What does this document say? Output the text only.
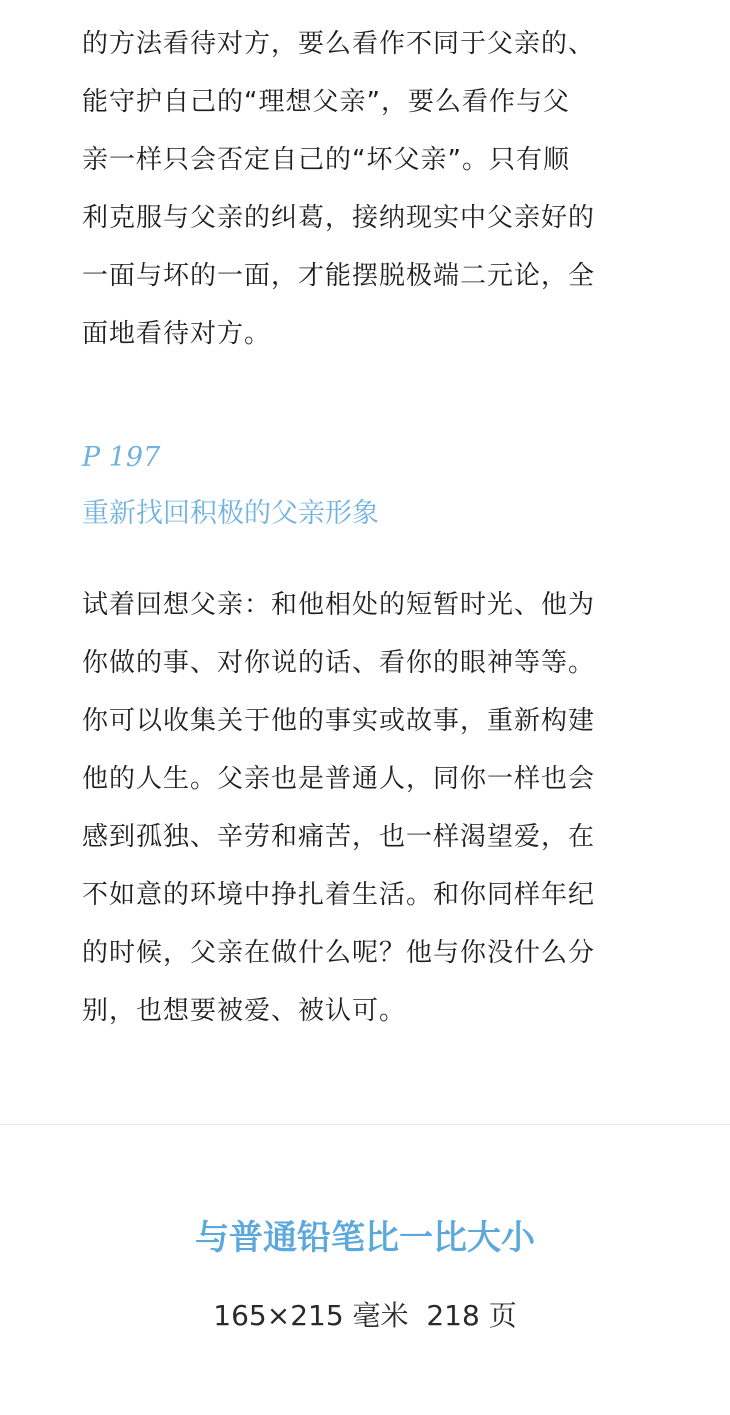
的方法看待对方，要么看作不同于父亲的、
能守护自己的“理想父亲”，要么看作与父
亲一样只会否定自己的“坏父亲”。只有顺
利克服与父亲的纠葛，接纳现实中父亲好的
一面与坏的一面，才能摆脱极端二元论，全
面地看待对方。
P 197
重新找回积极的父亲形象
试着回想父亲：和他相处的短暂时光、他为
你做的事、对你说的话、看你的眼神等等。
你可以收集关于他的事实或故事，重新构建
他的人生。父亲也是普通人，同你一样也会
感到孤独、辛劳和痛苦，也一样渴望爱，在
不如意的环境中挣扎着生活。和你同样年纪
的时候，父亲在做什么呢？他与你没什么分
别，也想要被爱、被认可。
与普通铅笔比一比大小
165×215 毫米  218 页
